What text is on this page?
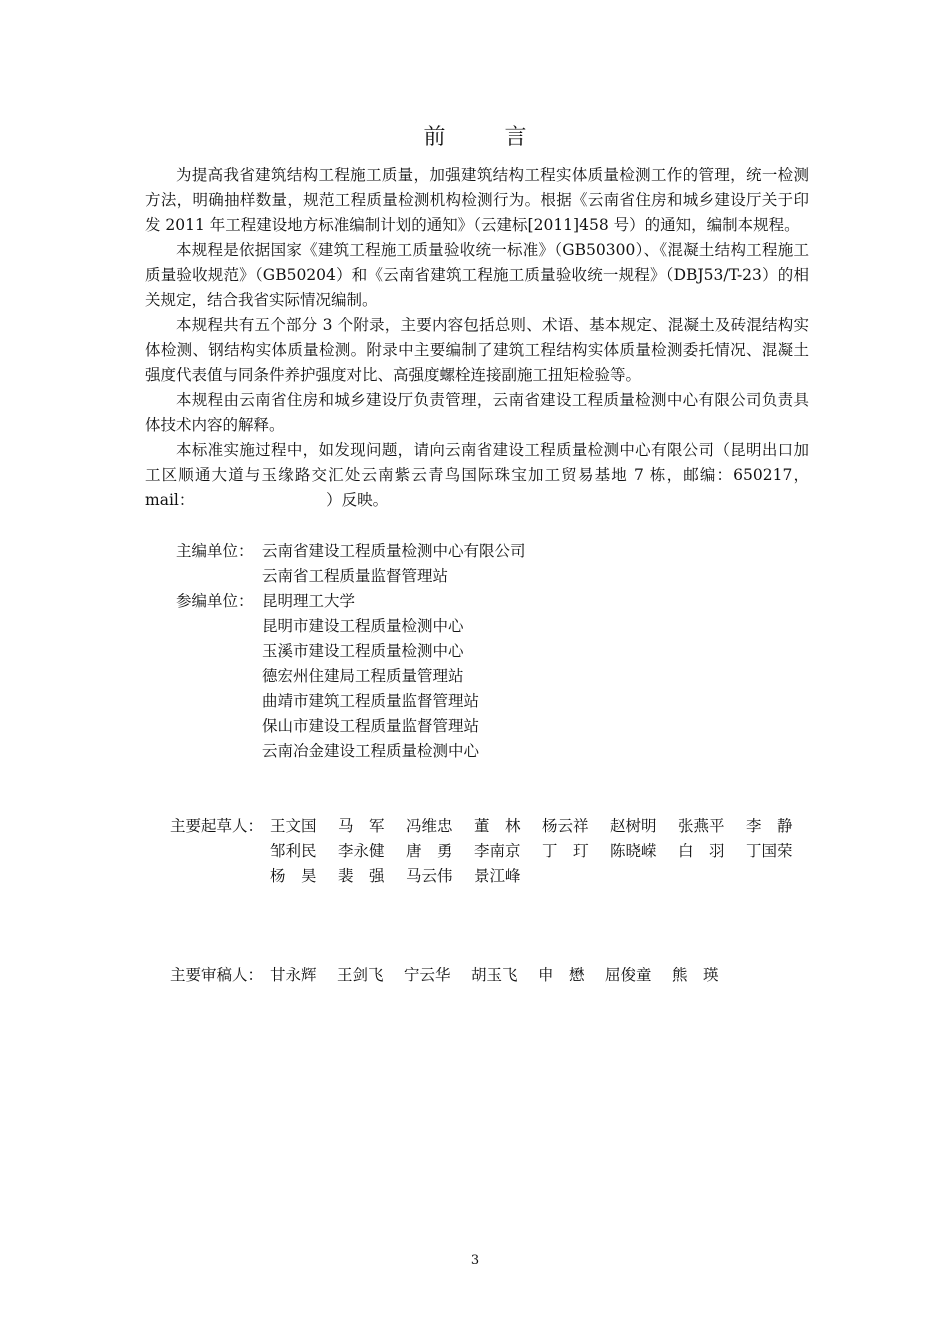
前 言

为提高我省建筑结构工程施工质量，加强建筑结构工程实体质量检测工作的管理，统一检测方法，明确抽样数量，规范工程质量检测机构检测行为。根据《云南省住房和城乡建设厅关于印发 2011 年工程建设地方标准编制计划的通知》（云建标[2011]458 号）的通知，编制本规程。

本规程是依据国家《建筑工程施工质量验收统一标准》（GB50300）、《混凝土结构工程施工质量验收规范》（GB50204）和《云南省建筑工程施工质量验收统一规程》（DBJ53/T-23）的相关规定，结合我省实际情况编制。

本规程共有五个部分 3 个附录，主要内容包括总则、术语、基本规定、混凝土及砖混结构实体检测、钢结构实体质量检测。附录中主要编制了建筑工程结构实体质量检测委托情况、混凝土强度代表值与同条件养护强度对比、高强度螺栓连接副施工扭矩检验等。

本规程由云南省住房和城乡建设厅负责管理，云南省建设工程质量检测中心有限公司负责具体技术内容的解释。

本标准实施过程中，如发现问题，请向云南省建设工程质量检测中心有限公司（昆明出口加工区顺通大道与玉缘路交汇处云南紫云青鸟国际珠宝加工贸易基地 7 栋，邮编：650217，mail：　　　　　　　　　）反映。

主编单位： 云南省建设工程质量检测中心有限公司
云南省工程质量监督管理站
参编单位： 昆明理工大学
昆明市建设工程质量检测中心
玉溪市建设工程质量检测中心
德宏州住建局工程质量管理站
曲靖市建筑工程质量监督管理站
保山市建设工程质量监督管理站
云南冶金建设工程质量检测中心
主要起草人： 王文国	马　军	冯维忠	董　林	杨云祥	赵树明	张燕平	李　静
邹利民	李永健	唐　勇	李南京	丁　玎	陈晓嵘	白　羽	丁国荣
杨　昊	裴　强	马云伟	景江峰
主要审稿人： 甘永辉	王剑飞	宁云华	胡玉飞	申　懋	屈俊童	熊　瑛
3
